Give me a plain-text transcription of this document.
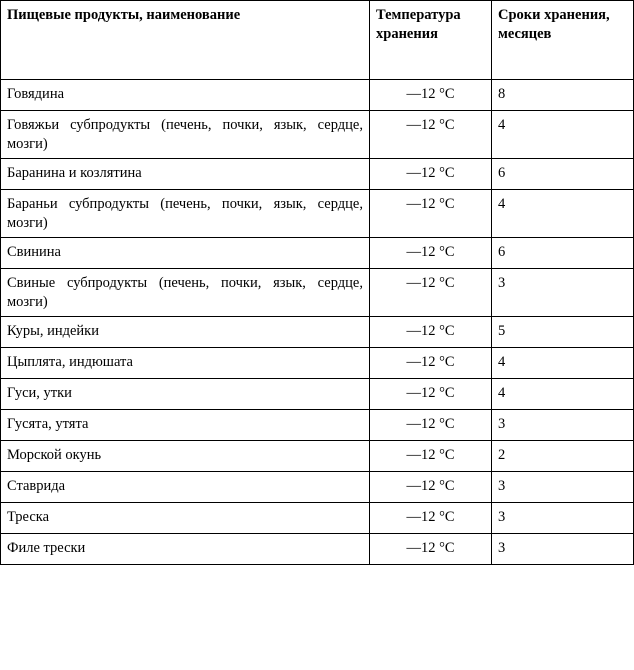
Пищевые продукты, наименование	Температура хранения	Сроки хранения, месяцев
Говядина	—12 °С	8
Говяжьи субпродукты (печень, почки, язык, сердце, мозги)	—12 °С	4
Баранина и козлятина	—12 °С	6
Бараньи субпродукты (печень, почки, язык, сердце, мозги)	—12 °С	4
Свинина	—12 °С	6
Свиные субпродукты (печень, почки, язык, сердце, мозги)	—12 °С	3
Куры, индейки	—12 °С	5
Цыплята, индюшата	—12 °С	4
Гуси, утки	—12 °С	4
Гусята, утята	—12 °С	3
Морской окунь	—12 °С	2
Ставрида	—12 °С	3
Треска	—12 °С	3
Филе трески	—12 °С	3
